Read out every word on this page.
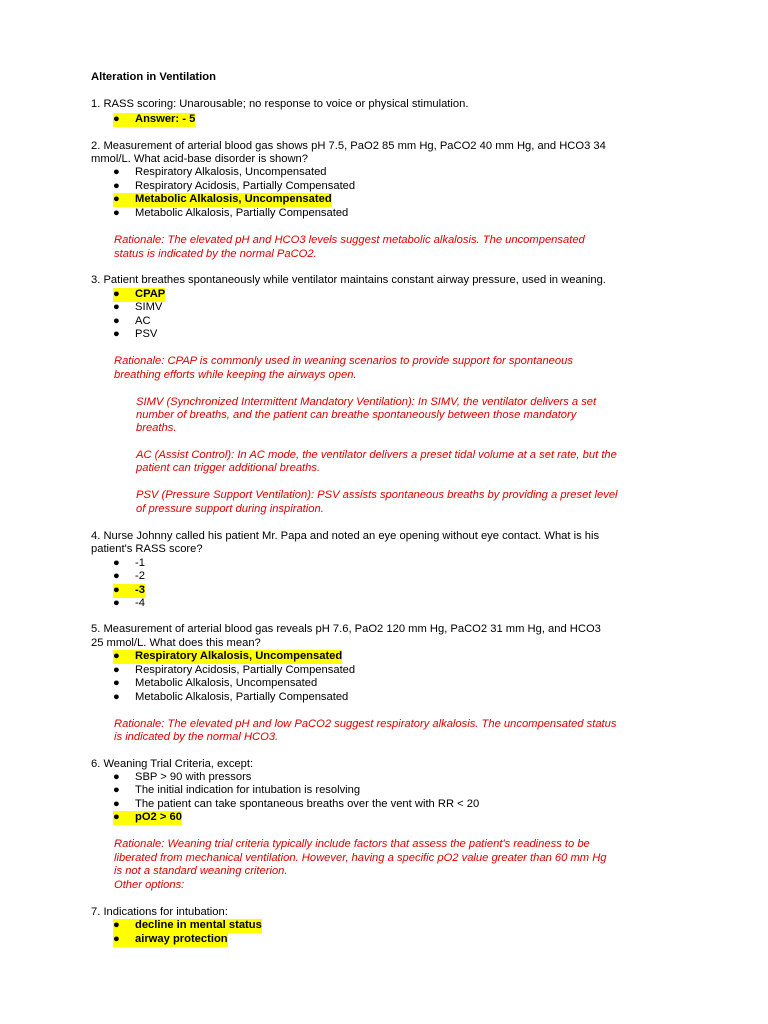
Alteration in Ventilation
1. RASS scoring: Unarousable; no response to voice or physical stimulation.
● Answer: - 5
2. Measurement of arterial blood gas shows pH 7.5, PaO2 85 mm Hg, PaCO2 40 mm Hg, and HCO3 34
mmol/L. What acid-base disorder is shown?
● Respiratory Alkalosis, Uncompensated
● Respiratory Acidosis, Partially Compensated
● Metabolic Alkalosis, Uncompensated
● Metabolic Alkalosis, Partially Compensated
Rationale: The elevated pH and HCO3 levels suggest metabolic alkalosis. The uncompensated
status is indicated by the normal PaCO2.
3. Patient breathes spontaneously while ventilator maintains constant airway pressure, used in weaning.
● CPAP
● SIMV
● AC
● PSV
Rationale: CPAP is commonly used in weaning scenarios to provide support for spontaneous
breathing efforts while keeping the airways open.
SIMV (Synchronized Intermittent Mandatory Ventilation): In SIMV, the ventilator delivers a set
number of breaths, and the patient can breathe spontaneously between those mandatory
breaths.
AC (Assist Control): In AC mode, the ventilator delivers a preset tidal volume at a set rate, but the
patient can trigger additional breaths.
PSV (Pressure Support Ventilation): PSV assists spontaneous breaths by providing a preset level
of pressure support during inspiration.
4. Nurse Johnny called his patient Mr. Papa and noted an eye opening without eye contact. What is his
patient's RASS score?
● -1
● -2
● -3
● -4
5. Measurement of arterial blood gas reveals pH 7.6, PaO2 120 mm Hg, PaCO2 31 mm Hg, and HCO3
25 mmol/L. What does this mean?
● Respiratory Alkalosis, Uncompensated
● Respiratory Acidosis, Partially Compensated
● Metabolic Alkalosis, Uncompensated
● Metabolic Alkalosis, Partially Compensated
Rationale: The elevated pH and low PaCO2 suggest respiratory alkalosis. The uncompensated status
is indicated by the normal HCO3.
6. Weaning Trial Criteria, except:
● SBP > 90 with pressors
● The initial indication for intubation is resolving
● The patient can take spontaneous breaths over the vent with RR < 20
● pO2 > 60
Rationale: Weaning trial criteria typically include factors that assess the patient's readiness to be
liberated from mechanical ventilation. However, having a specific pO2 value greater than 60 mm Hg
is not a standard weaning criterion.
Other options:
7. Indications for intubation:
● decline in mental status
● airway protection
